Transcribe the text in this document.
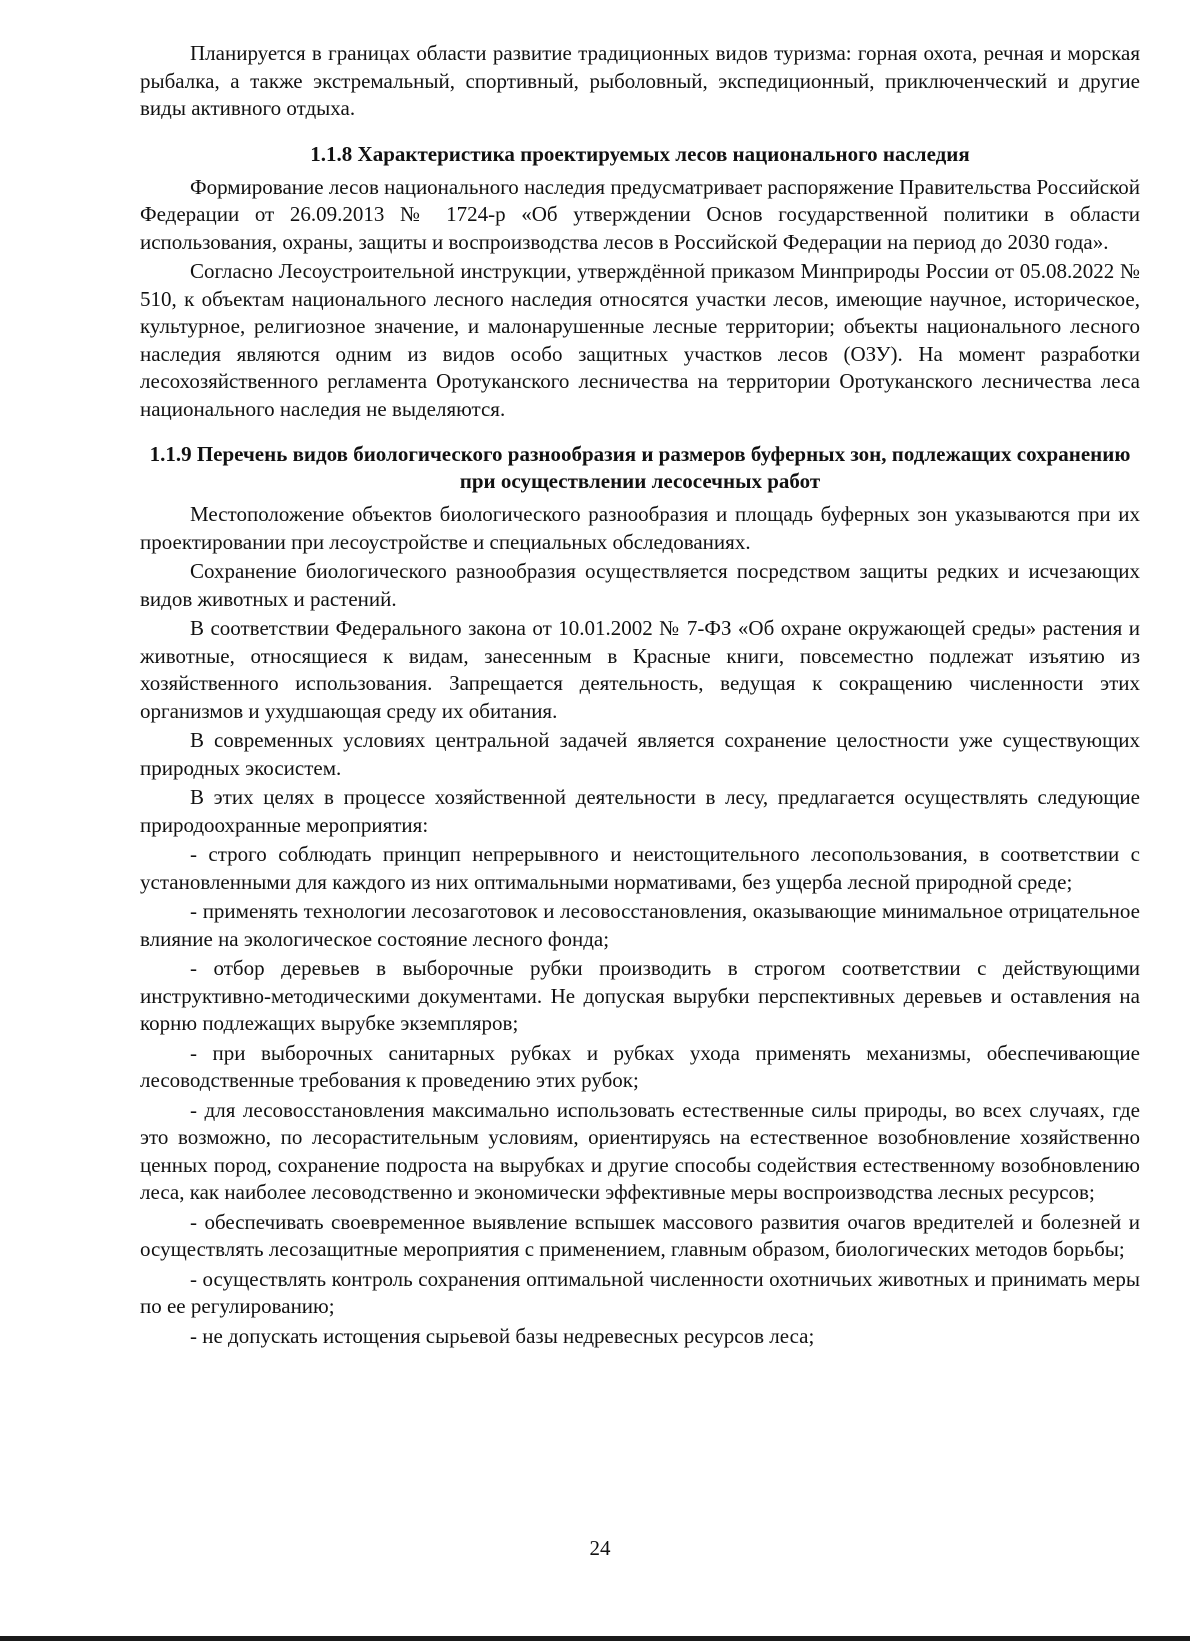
Планируется в границах области развитие традиционных видов туризма: горная охота, речная и морская рыбалка, а также экстремальный, спортивный, рыболовный, экспедиционный, приключенческий и другие виды активного отдыха.

1.1.8 Характеристика проектируемых лесов национального наследия

Формирование лесов национального наследия предусматривает распоряжение Правительства Российской Федерации от 26.09.2013 № 1724-р «Об утверждении Основ государственной политики в области использования, охраны, защиты и воспроизводства лесов в Российской Федерации на период до 2030 года».

Согласно Лесоустроительной инструкции, утверждённой приказом Минприроды России от 05.08.2022 № 510, к объектам национального лесного наследия относятся участки лесов, имеющие научное, историческое, культурное, религиозное значение, и малонарушенные лесные территории; объекты национального лесного наследия являются одним из видов особо защитных участков лесов (ОЗУ). На момент разработки лесохозяйственного регламента Оротуканского лесничества на территории Оротуканского лесничества леса национального наследия не выделяются.

1.1.9 Перечень видов биологического разнообразия и размеров буферных зон, подлежащих сохранению при осуществлении лесосечных работ

Местоположение объектов биологического разнообразия и площадь буферных зон указываются при их проектировании при лесоустройстве и специальных обследованиях.

Сохранение биологического разнообразия осуществляется посредством защиты редких и исчезающих видов животных и растений.

В соответствии Федерального закона от 10.01.2002 № 7-ФЗ «Об охране окружающей среды» растения и животные, относящиеся к видам, занесенным в Красные книги, повсеместно подлежат изъятию из хозяйственного использования. Запрещается деятельность, ведущая к сокращению численности этих организмов и ухудшающая среду их обитания.

В современных условиях центральной задачей является сохранение целостности уже существующих природных экосистем.

В этих целях в процессе хозяйственной деятельности в лесу, предлагается осуществлять следующие природоохранные мероприятия:

- строго соблюдать принцип непрерывного и неистощительного лесопользования, в соответствии с установленными для каждого из них оптимальными нормативами, без ущерба лесной природной среде;

- применять технологии лесозаготовок и лесовосстановления, оказывающие минимальное отрицательное влияние на экологическое состояние лесного фонда;

- отбор деревьев в выборочные рубки производить в строгом соответствии с действующими инструктивно-методическими документами. Не допуская вырубки перспективных деревьев и оставления на корню подлежащих вырубке экземпляров;

- при выборочных санитарных рубках и рубках ухода применять механизмы, обеспечивающие лесоводственные требования к проведению этих рубок;

- для лесовосстановления максимально использовать естественные силы природы, во всех случаях, где это возможно, по лесорастительным условиям, ориентируясь на естественное возобновление хозяйственно ценных пород, сохранение подроста на вырубках и другие способы содействия естественному возобновлению леса, как наиболее лесоводственно и экономически эффективные меры воспроизводства лесных ресурсов;

- обеспечивать своевременное выявление вспышек массового развития очагов вредителей и болезней и осуществлять лесозащитные мероприятия с применением, главным образом, биологических методов борьбы;

- осуществлять контроль сохранения оптимальной численности охотничьих животных и принимать меры по ее регулированию;

- не допускать истощения сырьевой базы недревесных ресурсов леса;

24
